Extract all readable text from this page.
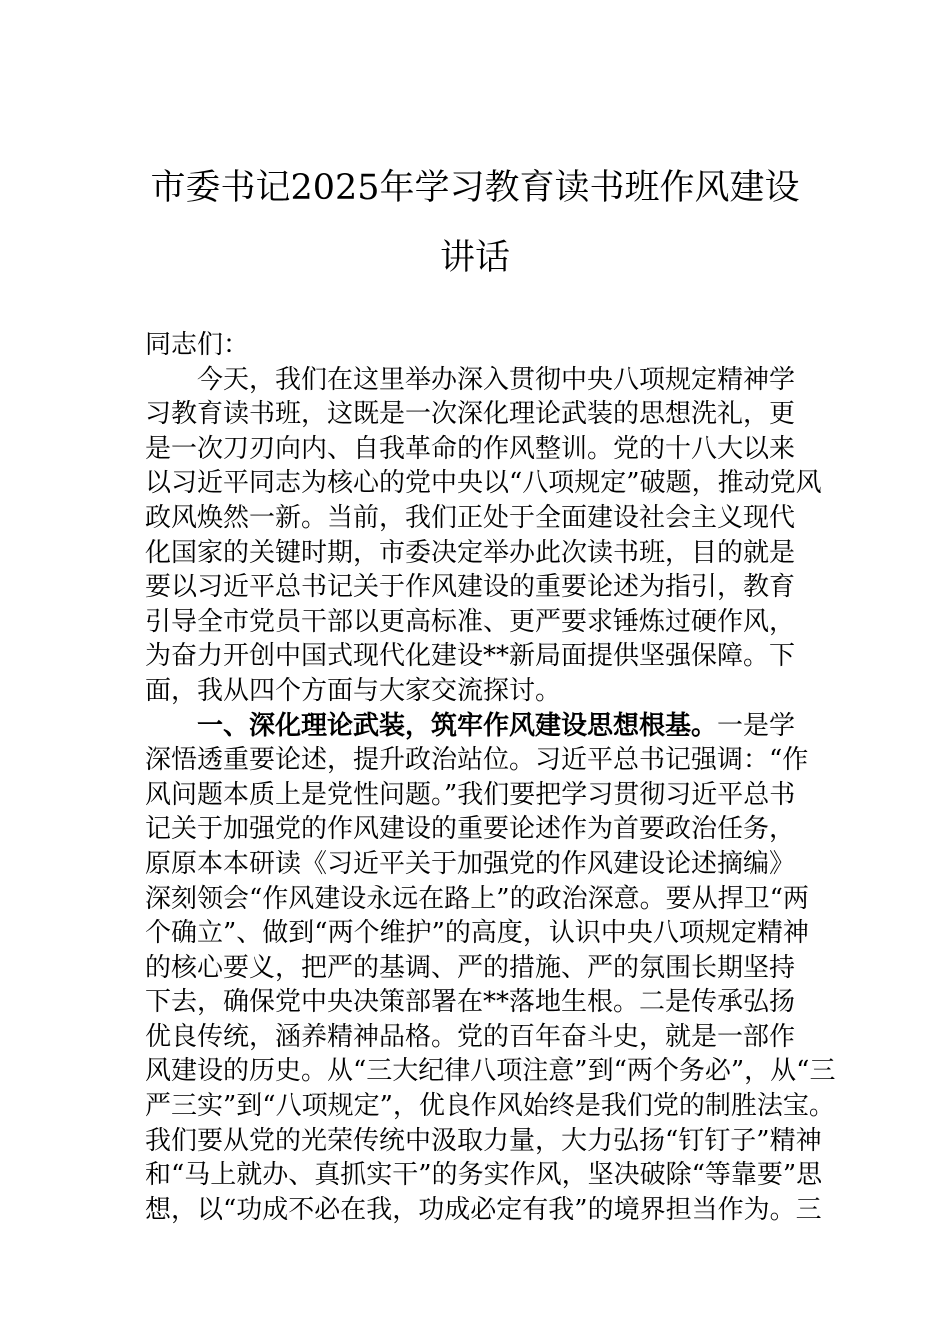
市委书记2025年学习教育读书班作风建设
讲话
同志们：
今天，我们在这里举办深入贯彻中央八项规定精神学
习教育读书班，这既是一次深化理论武装的思想洗礼，更
是一次刀刃向内、自我革命的作风整训。党的十八大以来
以习近平同志为核心的党中央以“八项规定”破题，推动党风
政风焕然一新。当前，我们正处于全面建设社会主义现代
化国家的关键时期，市委决定举办此次读书班，目的就是
要以习近平总书记关于作风建设的重要论述为指引，教育
引导全市党员干部以更高标准、更严要求锤炼过硬作风，
为奋力开创中国式现代化建设**新局面提供坚强保障。下
面，我从四个方面与大家交流探讨。
一、深化理论武装，筑牢作风建设思想根基。一是学
深悟透重要论述，提升政治站位。习近平总书记强调：“作
风问题本质上是党性问题。”我们要把学习贯彻习近平总书
记关于加强党的作风建设的重要论述作为首要政治任务，
原原本本研读《习近平关于加强党的作风建设论述摘编》
深刻领会“作风建设永远在路上”的政治深意。要从捍卫“两
个确立”、做到“两个维护”的高度，认识中央八项规定精神
的核心要义，把严的基调、严的措施、严的氛围长期坚持
下去，确保党中央决策部署在**落地生根。二是传承弘扬
优良传统，涵养精神品格。党的百年奋斗史，就是一部作
风建设的历史。从“三大纪律八项注意”到“两个务必”，从“三
严三实”到“八项规定”，优良作风始终是我们党的制胜法宝。
我们要从党的光荣传统中汲取力量，大力弘扬“钉钉子”精神
和“马上就办、真抓实干”的务实作风，坚决破除“等靠要”思
想，以“功成不必在我，功成必定有我”的境界担当作为。三
